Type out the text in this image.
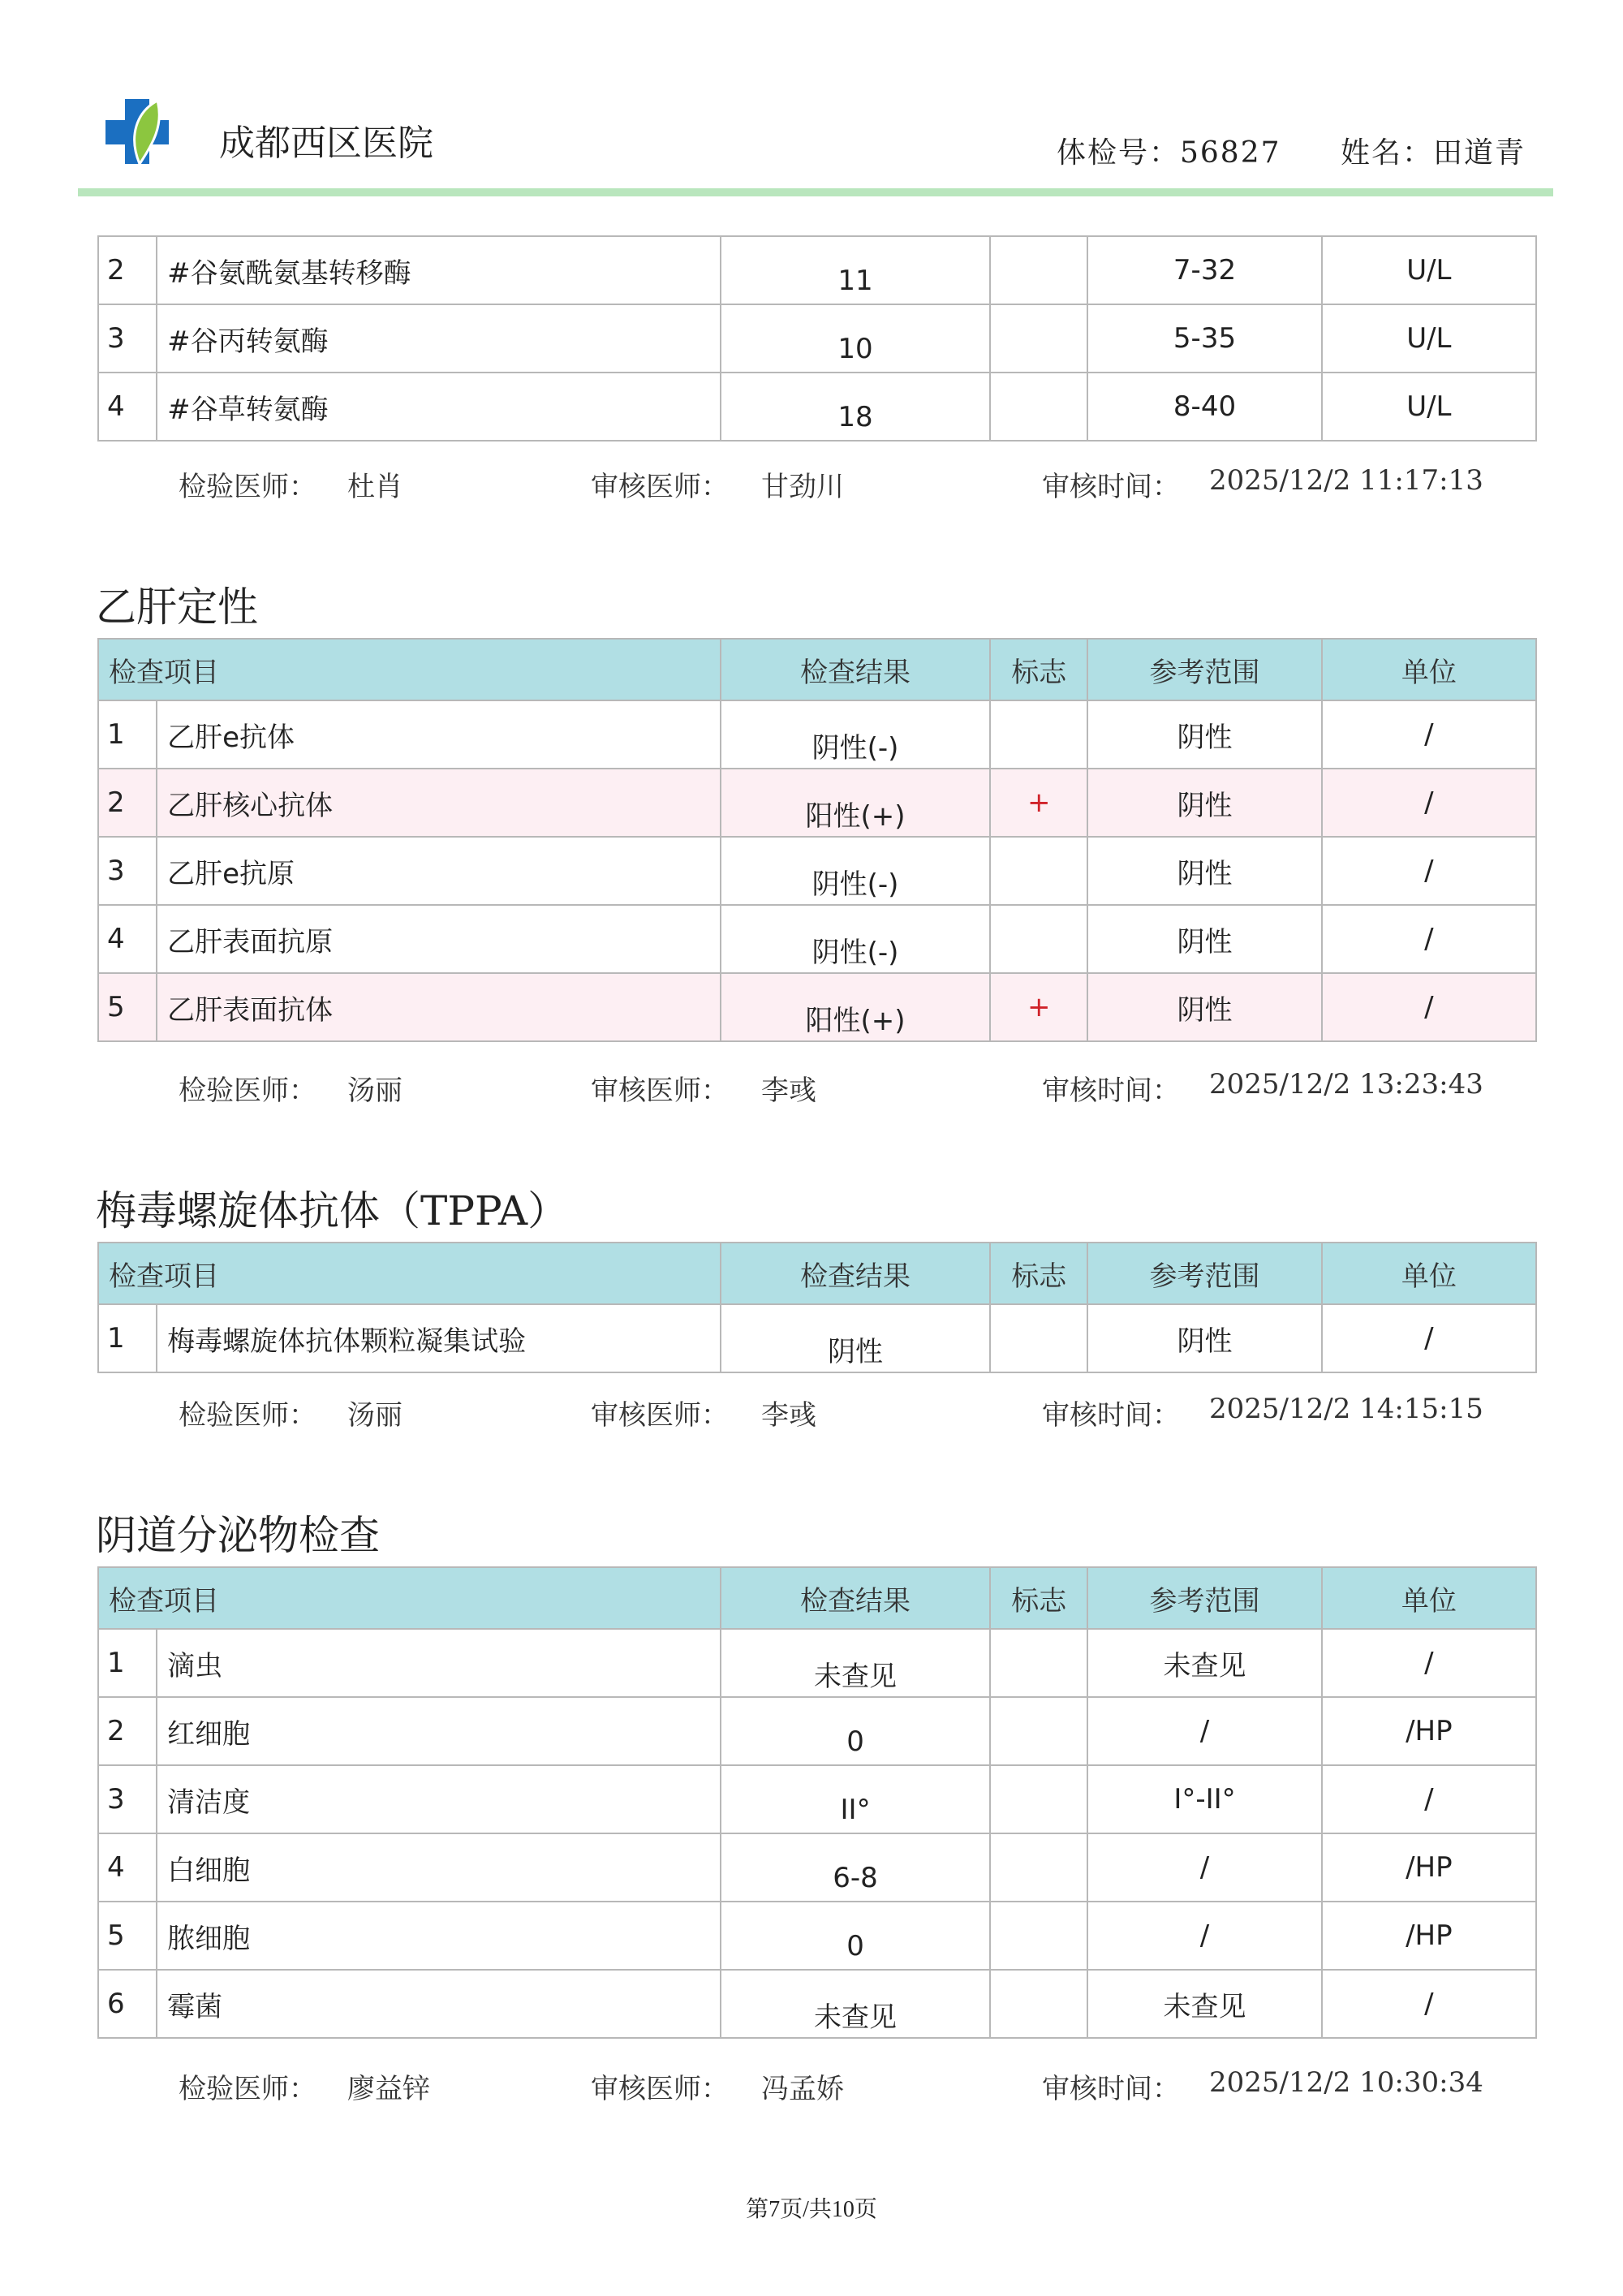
成都西区医院	体检号：56827 姓名：田道青
2	#谷氨酰氨基转移酶	11		7-32	U/L
3	#谷丙转氨酶	10		5-35	U/L
4	#谷草转氨酶	18		8-40	U/L
检验医师： 杜肖	审核医师： 甘劲川	审核时间： 2025/12/2 11:17:13
乙肝定性
检查项目		检查结果	标志	参考范围	单位
1	乙肝e抗体	阴性(-)		阴性	/
2	乙肝核心抗体	阳性(+)	+	阴性	/
3	乙肝e抗原	阴性(-)		阴性	/
4	乙肝表面抗原	阴性(-)		阴性	/
5	乙肝表面抗体	阳性(+)	+	阴性	/
检验医师： 汤丽	审核医师： 李彧	审核时间： 2025/12/2 13:23:43
梅毒螺旋体抗体（TPPA）
检查项目		检查结果	标志	参考范围	单位
1	梅毒螺旋体抗体颗粒凝集试验	阴性		阴性	/
检验医师： 汤丽	审核医师： 李彧	审核时间： 2025/12/2 14:15:15
阴道分泌物检查
检查项目		检查结果	标志	参考范围	单位
1	滴虫	未查见		未查见	/
2	红细胞	0		/	/HP
3	清洁度	II°		I°-II°	/
4	白细胞	6-8		/	/HP
5	脓细胞	0		/	/HP
6	霉菌	未查见		未查见	/
检验医师： 廖益锌	审核医师： 冯孟娇	审核时间： 2025/12/2 10:30:34
第7页/共10页
